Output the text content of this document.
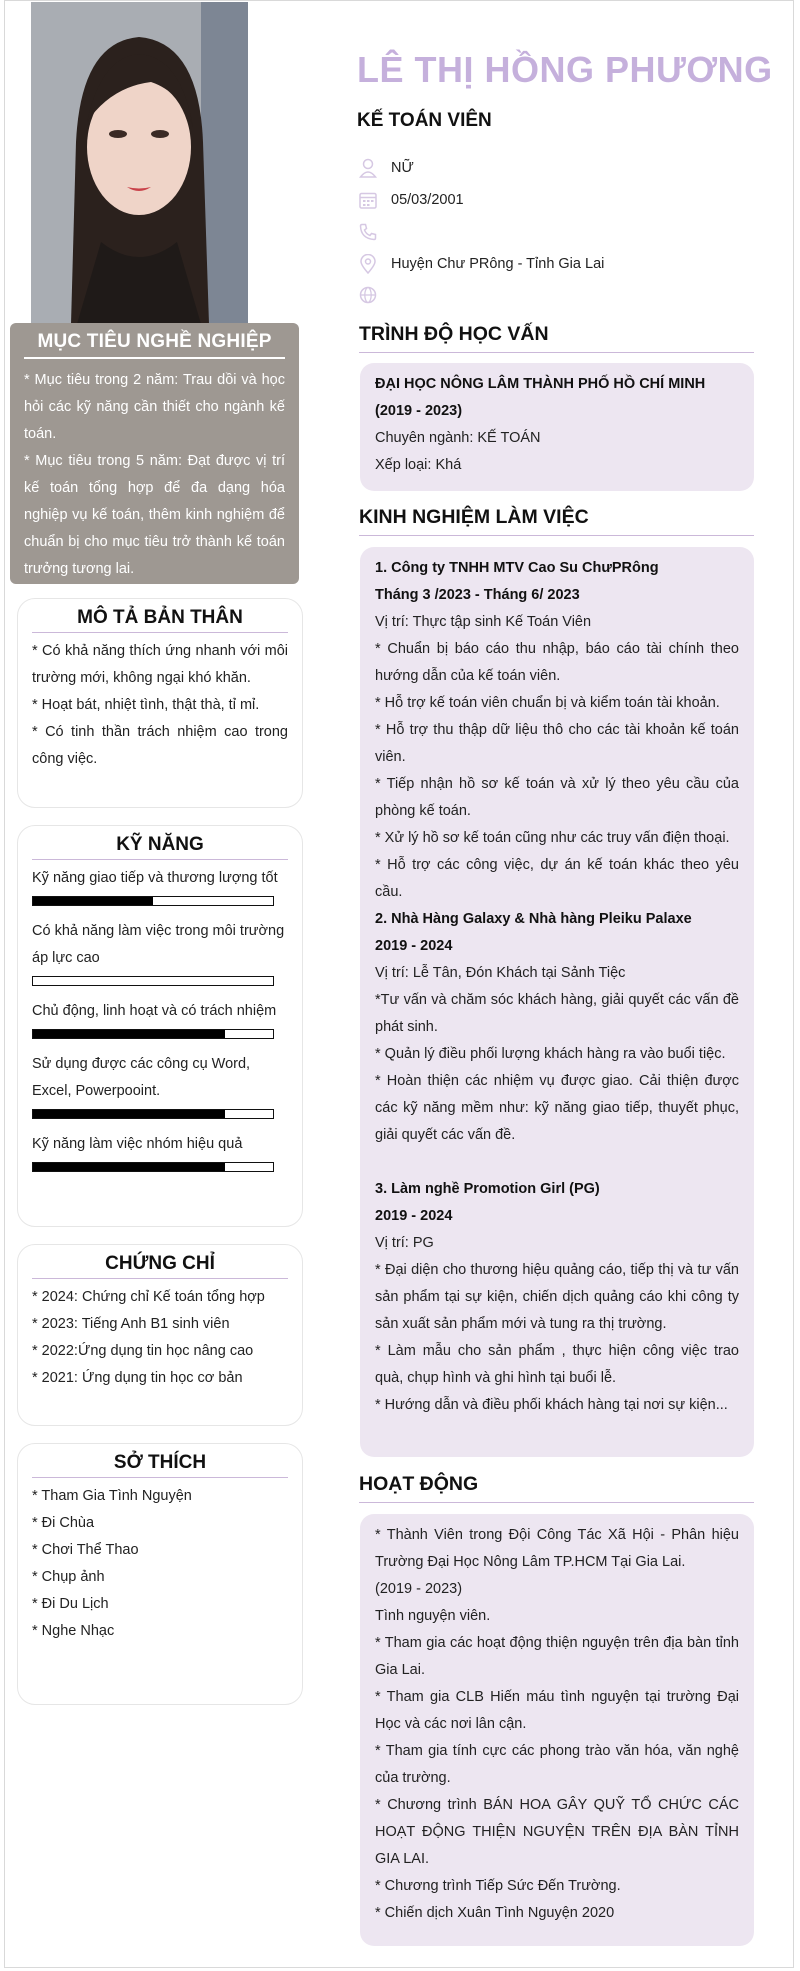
MỤC TIÊU NGHỀ NGHIỆP

* Mục tiêu trong 2 năm: Trau dồi và học hỏi các kỹ năng cần thiết cho ngành kế toán.

* Mục tiêu trong 5 năm: Đạt được vị trí kế toán tổng hợp để đa dạng hóa nghiệp vụ kế toán, thêm kinh nghiệm để chuẩn bị cho mục tiêu trở thành kế toán trưởng tương lai.

MÔ TẢ BẢN THÂN

* Có khả năng thích ứng nhanh với môi trường mới, không ngại khó khăn.

* Hoạt bát, nhiệt tình, thật thà, tỉ mỉ.

* Có tinh thần trách nhiệm cao trong công việc.

KỸ NĂNG
Kỹ năng giao tiếp và thương lượng tốt
Có khả năng làm việc trong môi trường áp lực cao
Chủ động, linh hoạt và có trách nhiệm
Sử dụng được các công cụ Word, Excel, Powerpooint.
Kỹ năng làm việc nhóm hiệu quả
CHỨNG CHỈ

* 2024: Chứng chỉ Kế toán tổng hợp

* 2023: Tiếng Anh B1 sinh viên

* 2022:Ứng dụng tin học nâng cao

* 2021: Ứng dụng tin học cơ bản

SỞ THÍCH

* Tham Gia Tình Nguyện

* Đi Chùa

* Chơi Thể Thao

* Chụp ảnh

* Đi Du Lịch

* Nghe Nhạc

LÊ THỊ HỒNG PHƯƠNG
KẾ TOÁN VIÊN
NỮ
05/03/2001
Huyện Chư PRông - Tỉnh Gia Lai
TRÌNH ĐỘ HỌC VẤN

ĐẠI HỌC NÔNG LÂM THÀNH PHỐ HỒ CHÍ MINH

(2019 - 2023)

Chuyên ngành: KẾ TOÁN

Xếp loại: Khá

KINH NGHIỆM LÀM VIỆC

1. Công ty TNHH MTV Cao Su ChưPRông

Tháng 3 /2023 - Tháng 6/ 2023

Vị trí: Thực tập sinh Kế Toán Viên

* Chuẩn bị báo cáo thu nhập, báo cáo tài chính theo hướng dẫn của kế toán viên.

* Hỗ trợ kế toán viên chuẩn bị và kiểm toán tài khoản.

* Hỗ trợ thu thập dữ liệu thô cho các tài khoản kế toán viên.

* Tiếp nhận hồ sơ kế toán và xử lý theo yêu cầu của phòng kế toán.

* Xử lý hồ sơ kế toán cũng như các truy vấn điện thoại.

* Hỗ trợ các công việc, dự án kế toán khác theo yêu cầu.

2. Nhà Hàng Galaxy & Nhà hàng Pleiku Palaxe

2019 - 2024

Vị trí: Lễ Tân, Đón Khách tại Sảnh Tiệc

*Tư vấn và chăm sóc khách hàng, giải quyết các vấn đề phát sinh.

* Quản lý điều phối lượng khách hàng ra vào buổi tiệc.

* Hoàn thiện các nhiệm vụ được giao. Cải thiện được các kỹ năng mềm như: kỹ năng giao tiếp, thuyết phục, giải quyết các vấn đề.

3. Làm nghề Promotion Girl (PG)

2019 - 2024

Vị trí: PG

* Đại diện cho thương hiệu quảng cáo, tiếp thị và tư vấn sản phẩm tại sự kiện, chiến dịch quảng cáo khi công ty sản xuất sản phẩm mới và tung ra thị trường.

* Làm mẫu cho sản phẩm , thực hiện công việc trao quà, chụp hình và ghi hình tại buổi lễ.

* Hướng dẫn và điều phối khách hàng tại nơi sự kiện...

HOẠT ĐỘNG

* Thành Viên trong Đội Công Tác Xã Hội - Phân hiệu Trường Đại Học Nông Lâm TP.HCM Tại Gia Lai.

(2019 - 2023)

Tình nguyện viên.

* Tham gia các hoạt động thiện nguyện trên địa bàn tỉnh Gia Lai.

* Tham gia CLB Hiến máu tình nguyện tại trường Đại Học và các nơi lân cận.

* Tham gia tính cực các phong trào văn hóa, văn nghệ của trường.

* Chương trình BÁN HOA GÂY QUỸ TỔ CHỨC CÁC HOẠT ĐỘNG THIỆN NGUYỆN TRÊN ĐỊA BÀN TỈNH GIA LAI.

* Chương trình Tiếp Sức Đến Trường.

* Chiến dịch Xuân Tình Nguyện 2020
